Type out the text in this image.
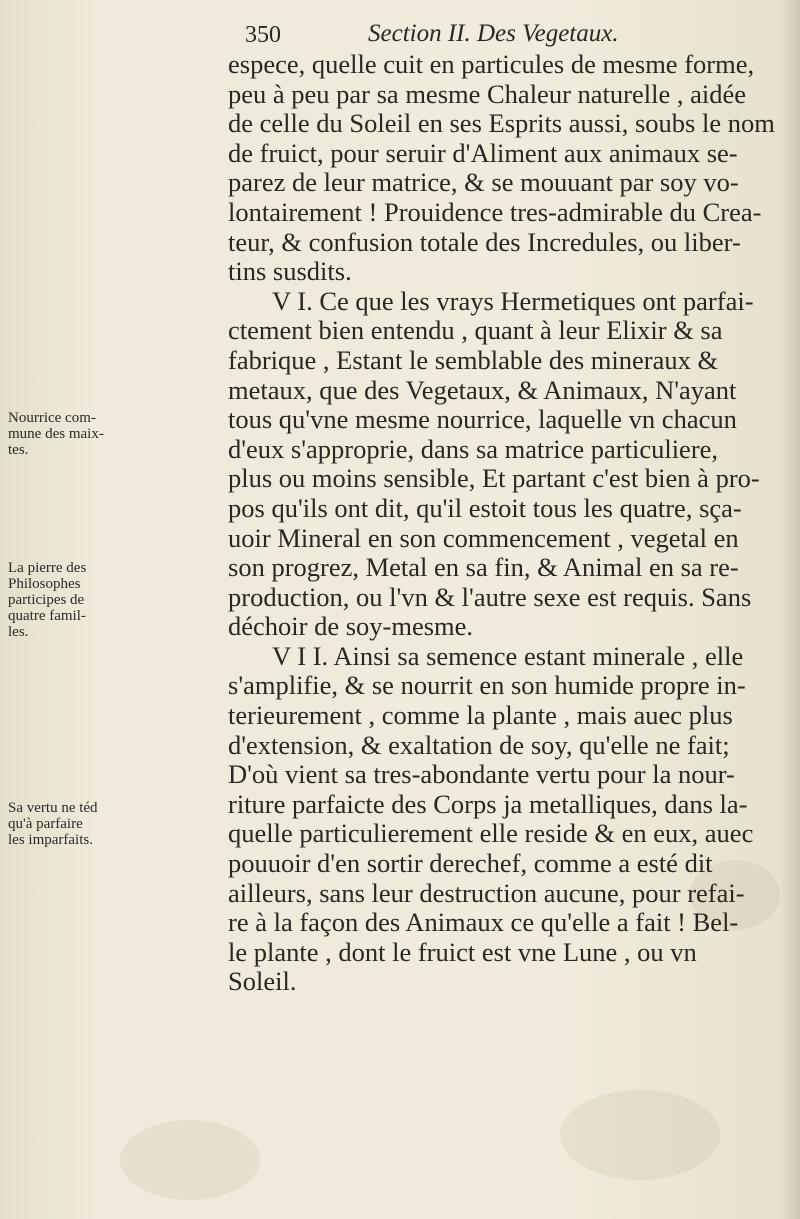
350	Section II. Des Vegetaux.
espece, quelle cuit en particules de mesme forme,
peu à peu par sa mesme Chaleur naturelle , aidée
de celle du Soleil en ses Esprits aussi, soubs le nom
de fruict, pour seruir d'Aliment aux animaux se-
parez de leur matrice, & se mouuant par soy vo-
lontairement ! Prouidence tres-admirable du Crea-
teur, & confusion totale des Incredules, ou liber-
tins susdits.
V I. Ce que les vrays Hermetiques ont parfai-
ctement bien entendu , quant à leur Elixir & sa
fabrique , Estant le semblable des mineraux &
metaux, que des Vegetaux, & Animaux, N'ayant
tous qu'vne mesme nourrice, laquelle vn chacun
d'eux s'approprie, dans sa matrice particuliere,
plus ou moins sensible, Et partant c'est bien à pro-
pos qu'ils ont dit, qu'il estoit tous les quatre, sça-
uoir Mineral en son commencement , vegetal en
son progrez, Metal en sa fin, & Animal en sa re-
production, ou l'vn & l'autre sexe est requis. Sans
déchoir de soy-mesme.
V I I. Ainsi sa semence estant minerale , elle
s'amplifie, & se nourrit en son humide propre in-
terieurement , comme la plante , mais auec plus
d'extension, & exaltation de soy, qu'elle ne fait;
D'où vient sa tres-abondante vertu pour la nour-
riture parfaicte des Corps ja metalliques, dans la-
quelle particulierement elle reside & en eux, auec
pouuoir d'en sortir derechef, comme a esté dit
ailleurs, sans leur destruction aucune, pour refai-
re à la façon des Animaux ce qu'elle a fait ! Bel-
le plante , dont le fruict est vne Lune , ou vn
Soleil.
Nourrice com-
mune des maix-
tes.
La pierre des
Philosophes
participes de
quatre famil-
les.
Sa vertu ne téd
qu'à parfaire
les imparfaits.
